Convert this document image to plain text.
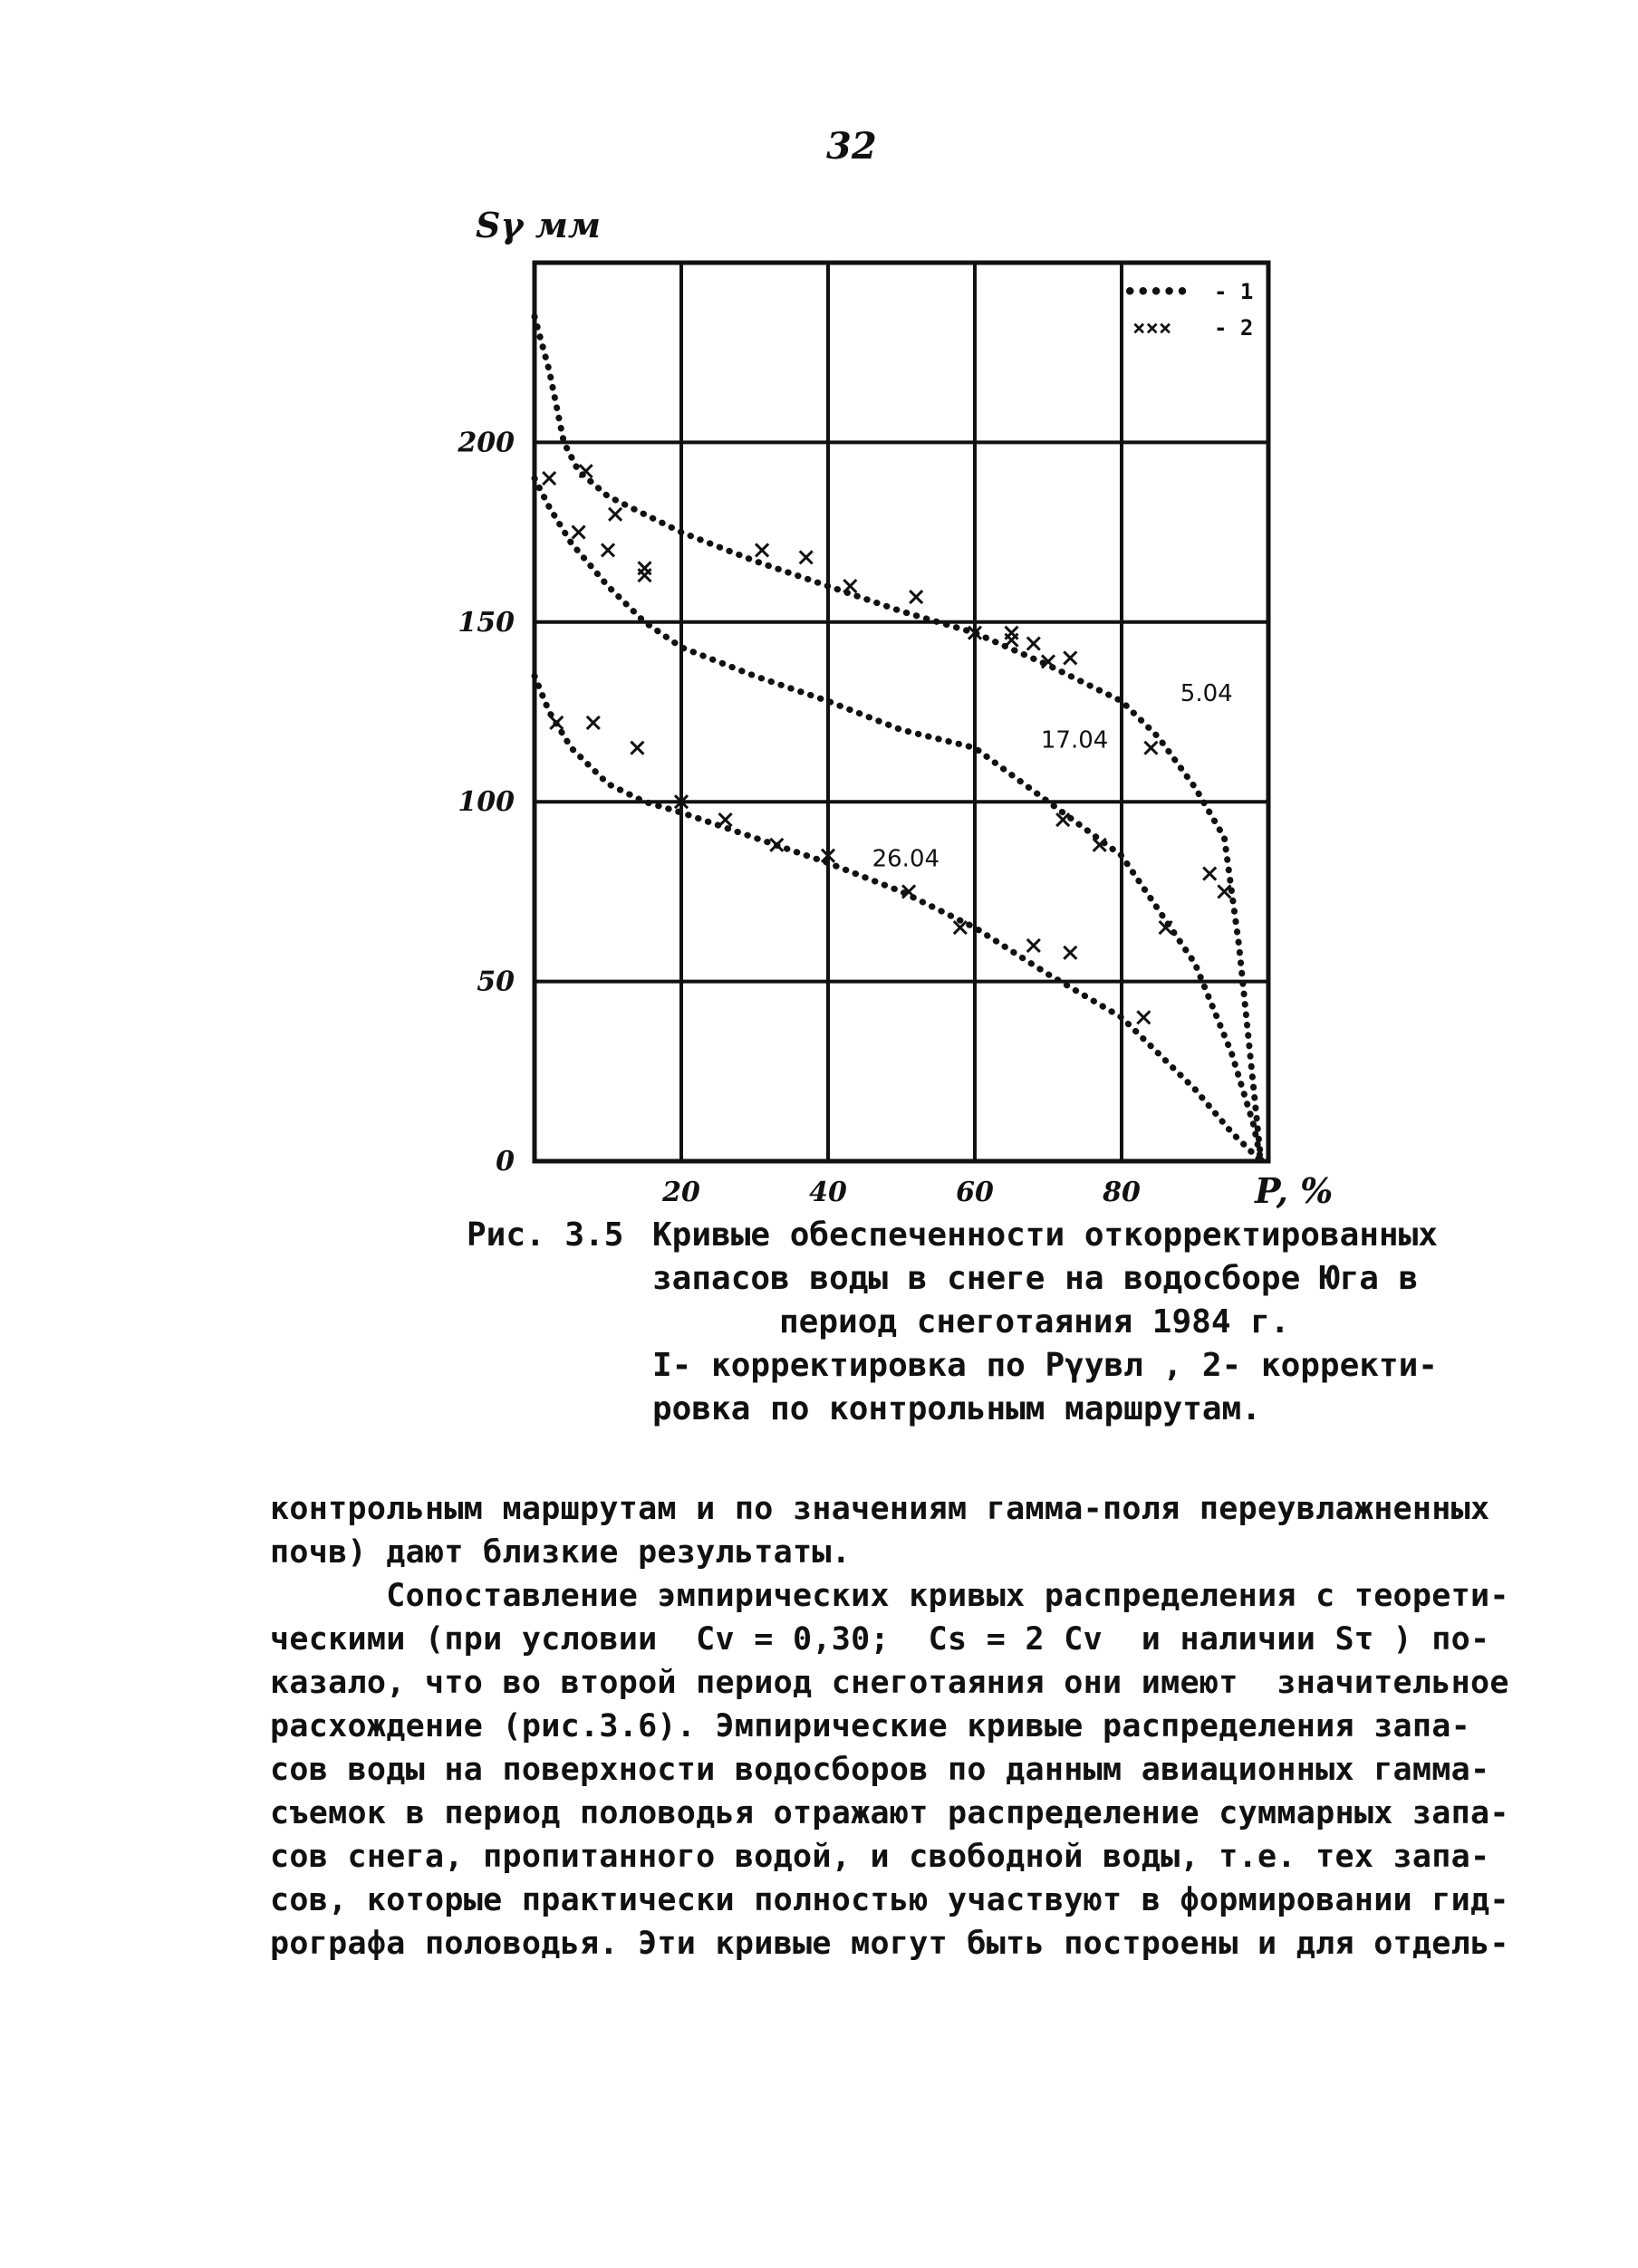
32
0
50
100
150
200
20	40	60	80
5.04
17.04
26.04
••••• - 1
××× - 2
Sγ мм
P, %
Рис. 3.5 Кривые обеспеченности откорректированных
запасов воды в снеге на водосборе Юга в
период снеготаяния 1984 г.
I- корректировка по Pγувл , 2- корректи-
ровка по контрольным маршрутам.
контрольным маршрутам и по значениям гамма-поля переувлажненных
почв) дают близкие результаты.
Сопоставление эмпирических кривых распределения с теорети-
ческими (при условии  Cv = 0,30;  Cs = 2 Cv  и наличии Sτ ) по-
казало, что во второй период снеготаяния они имеют  значительное
расхождение (рис.3.6). Эмпирические кривые распределения запа-
сов воды на поверхности водосборов по данным авиационных гамма-
съемок в период половодья отражают распределение суммарных запа-
сов снега, пропитанного водой, и свободной воды, т.е. тех запа-
сов, которые практически полностью участвуют в формировании гид-
рографа половодья. Эти кривые могут быть построены и для отдель-
